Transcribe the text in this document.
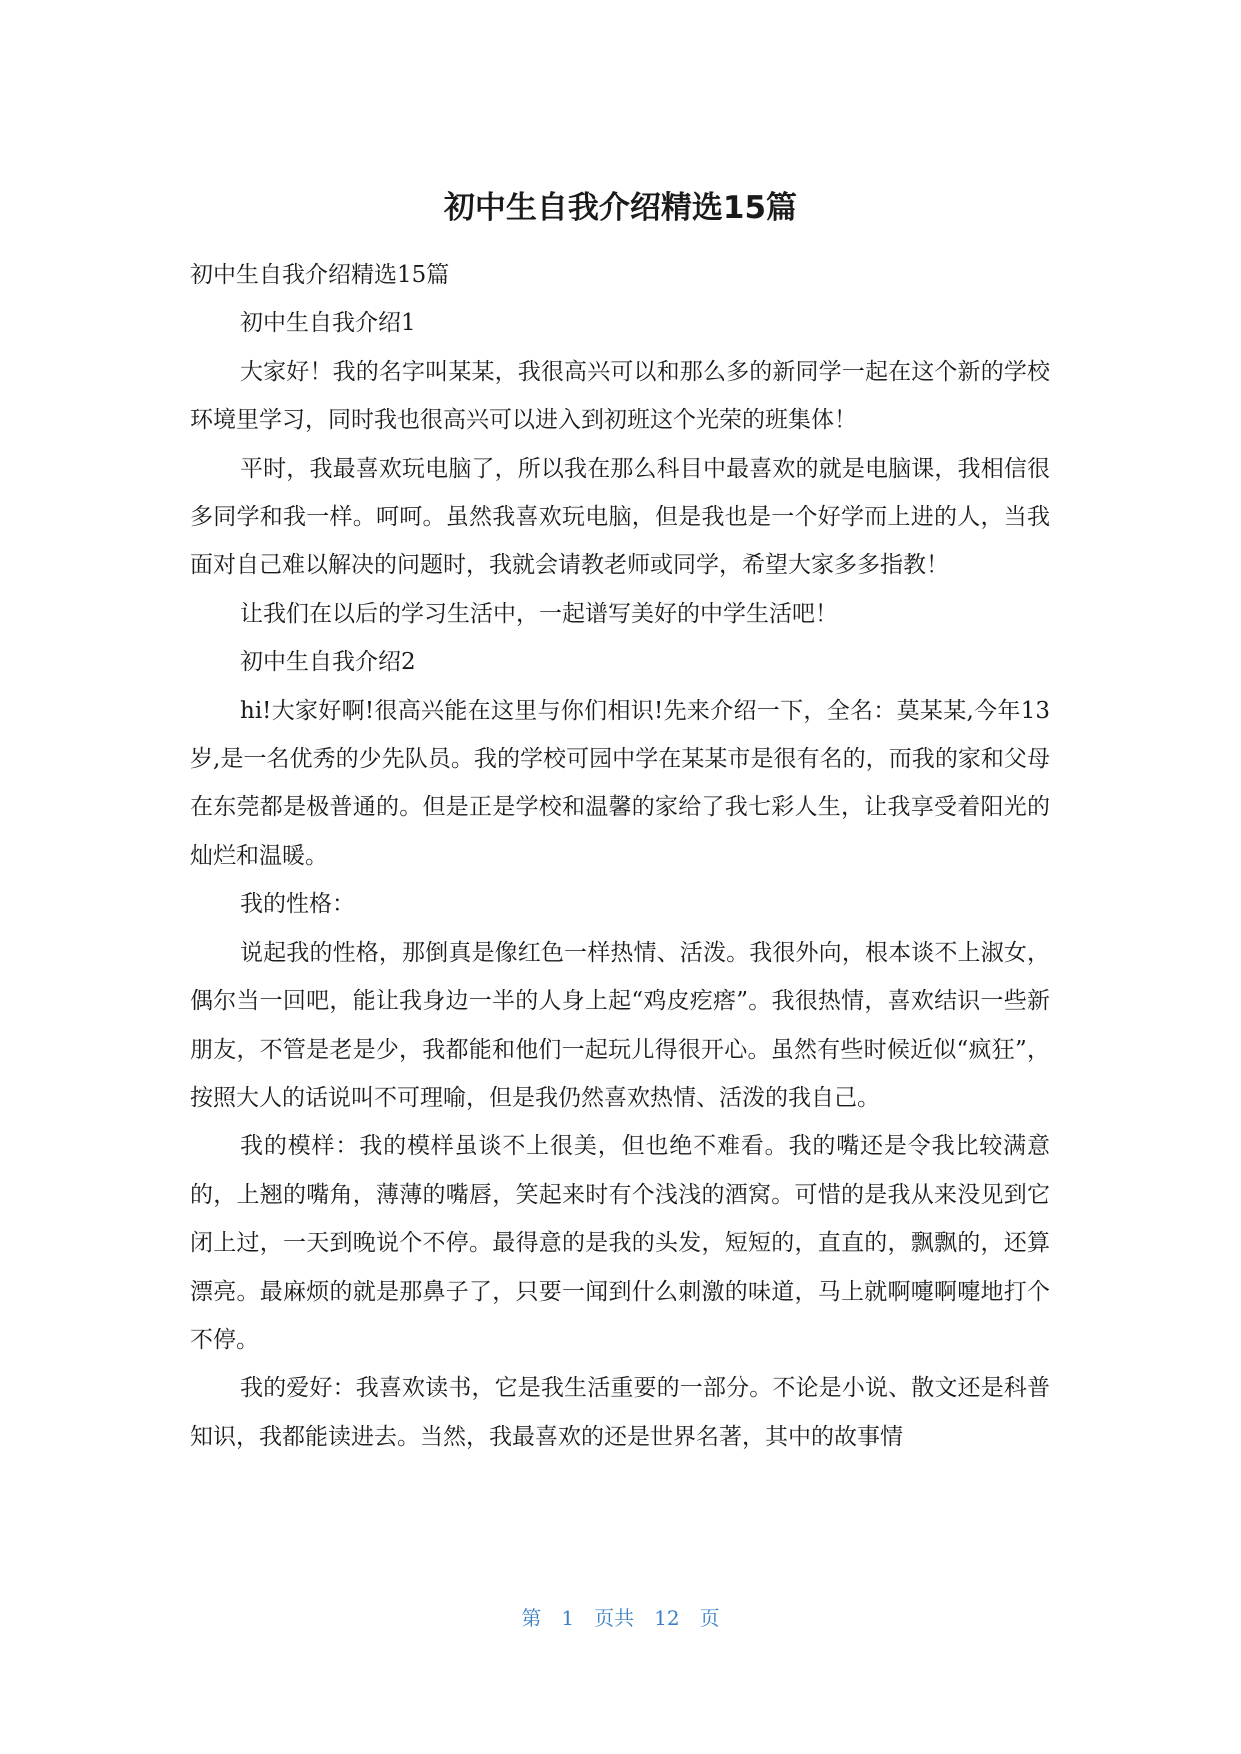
初中生自我介绍精选15篇

初中生自我介绍精选15篇

初中生自我介绍1

大家好！我的名字叫某某，我很高兴可以和那么多的新同学一起在这个新的学校环境里学习，同时我也很高兴可以进入到初班这个光荣的班集体！

平时，我最喜欢玩电脑了，所以我在那么科目中最喜欢的就是电脑课，我相信很多同学和我一样。呵呵。虽然我喜欢玩电脑，但是我也是一个好学而上进的人，当我面对自己难以解决的问题时，我就会请教老师或同学，希望大家多多指教！

让我们在以后的学习生活中，一起谱写美好的中学生活吧！

初中生自我介绍2

hi!大家好啊!很高兴能在这里与你们相识!先来介绍一下，全名：莫某某,今年13岁,是一名优秀的少先队员。我的学校可园中学在某某市是很有名的，而我的家和父母在东莞都是极普通的。但是正是学校和温馨的家给了我七彩人生，让我享受着阳光的灿烂和温暖。

我的性格：

说起我的性格，那倒真是像红色一样热情、活泼。我很外向，根本谈不上淑女，偶尔当一回吧，能让我身边一半的人身上起“鸡皮疙瘩”。我很热情，喜欢结识一些新朋友，不管是老是少，我都能和他们一起玩儿得很开心。虽然有些时候近似“疯狂”，按照大人的话说叫不可理喻，但是我仍然喜欢热情、活泼的我自己。

我的模样：我的模样虽谈不上很美，但也绝不难看。我的嘴还是令我比较满意的，上翘的嘴角，薄薄的嘴唇，笑起来时有个浅浅的酒窝。可惜的是我从来没见到它闭上过，一天到晚说个不停。最得意的是我的头发，短短的，直直的，飘飘的，还算漂亮。最麻烦的就是那鼻子了，只要一闻到什么刺激的味道，马上就啊嚏啊嚏地打个不停。

我的爱好：我喜欢读书，它是我生活重要的一部分。不论是小说、散文还是科普知识，我都能读进去。当然，我最喜欢的还是世界名著，其中的故事情

第 1 页共 12 页
